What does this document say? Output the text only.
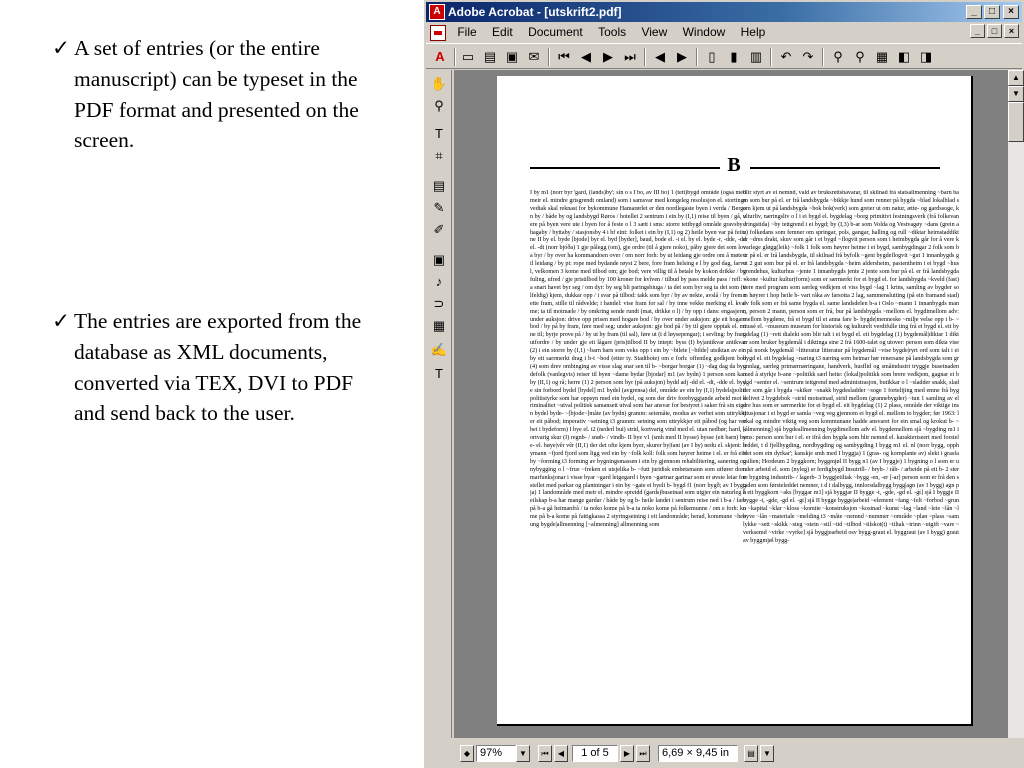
✓ A set of entries (or the entire manuscript) can be typeset in the PDF format and presented on the screen.
✓ The entries are exported from the database as XML documents, converted via TEX, DVI to PDF and send back to the user.
A Adobe Acrobat - [utskrift2.pdf]	_	□	×
File Edit Document Tools View Window Help	_	□	×
A	▭ ▤ ▣ ✉	⏮ ◀ ▶ ⏭	◀ ▶	▯	▮ ▥	↶ ↷	⚲ ⚲ ▦ ◧ ◨
✋
⚲
T
⌗
▤
✎
✐
▣
♪
⊃
▦
✍
T
B
I by m1 (norr byr 'gard, (lands)by'; sin o s I bo, av III bo) 1 (tett)bygd område (også med meir el. mindre grisgrendt omland) som i samsvar med kongeleg resolusjon el. stortingsvedtak skal reknast for bykommune Hamarørlet er den nordlegaste byen i verda / Bergen by / både by og landsbygd Røros / hotellet 2 sentrum i ein by (I,1) reise til byen / gå, vere på byen vere ute i byen for å feste o l 3 sætt i sms: storre tettbygd område gravsby / hagaby / byttaby / stasjonsby 4 i bf eint: folket i ein by (I,1) og 2) heile byen var på feiinne II by el. byde [bjode] byr el. byd [byder], baud, bode el. -i el. by el. byde -r, -dde, -dd el. -dt (norr bjóða) 1 gje pålegg (om), gje ordre (til å gjere noko), påby gjere det som lova byr / by over ha kommandoen over / om norr forh: by ut leidang gje ordre om å møte til leidang / by pt: rope med bydande røyst 2 bere, fore fram helsing e l by god dag, farvel, velkomen 3 kome med tilbod om; gje bod; vere villig til å betale by kokon drikke / by fuling, ufred / gje pristilbod by 100 kroner for kvîven / tilbud by pass melde pass / refl: sa snart havet byr seg / om dyr: by seg bli paringsbiuga / ta det som byr seg ta det som (tilfeldig) kjem, dukkar opp / i svar på tilbod: takk som byr / by av nekte, avslå / by frem rette fram, stille til rådvelde; i handel: vise fram for sal / by inne vekke merking el. kvalme; ta til motmæle / by omkring sende rundt (mat, drikke o l) / by opp i dans: engasjere; under auksjon: drive opp prisen med hogare bod / by over under auksjon: gje eit hogare bod / by på by fram, føre med seg; under auksjon: gje bod på / by til gjere opptak el. mine til; byrje prove på / by ut by fram (til sal), føre ut (t d løysepengar); i sevling: by fram utfordre / by under gje eit lågare (pris)tilbod II by intept: byss (I) by|antikvar antikvar (2) i ein storre by (I,1) ~barn barn som veks opp i ein by ~bilete [~bilde] utsiktan av ein by eit sarrmerkt drag i b-t ~bod (etter ty. Stadtbote) om e forh: offentleg godkjent bod (4) som drev ombinging av visse slag snar sen til b- ~borgar borgar (1) ~dag dag da bygdefolk (vanlegvis) reiser til byen ~dame bydar [bjodar] m1 (av bydn) 1 person som kan by (II,1) og rå; herre (1) 2 person som byr (på auksjon) bydd adj -dd el. -dt, -dde el. byde sin forbord bydel [bydel] m1 bydel (avgrensa) del, område av ein by (I,1) bydels|politi politistyrke som har oppsyn med ein bydel, og som der driv forebyggjande arbeid mot kriminalitet ~utval politisk samansett utval som har ansvar for bestyret i saker frå sin eigen bydel byde- ~[bjode~]måte (av bydn) gramm: seiemåte, modus av verbet som uttrykkjer eit påbod; imperativ ~setning t3 gramm: setning som uttrykkjer eit påbod (og har verbet i bydeform) I bye el. t2 (nederl bui) strid, kortvarig vind med el. utan nedbør; hard, kortvarig skur (I) regnb- / snøb- / vindb- II bye v1 (smh med II bysse) bysse (eit barn) bye- el. bøye|vêr vêr (II,1) der det ofte kjem byer, skurer by|fant (av I by) nedu el. skjent: bymann ~fjord fjord som ligg ved ein by ~folk koll: folk som høyrer heime i el. er frå ein by ~forming t3 forming av bygningsmassen i ein by gjennom rehabilitering, sanering og nybygging o l ~frue ~freken ei utsjelika b- ~futt juridisk embetsmann som utfører dommarfunksjonar i visse byar ~gard leigegard i byen ~gartnar gartnar som er øvste leiar for stellet med parkar og plantningar i ein by ~gate ei byeli b- bygd f1 (norr bygð; av I byggja) 1 landområde med meir el. mindre spreidd (gards)busetnad som utgjer ein naturleg heilskap b-a har mange gardar / både by og b- heile landet i sentrum reise ned i b-a / fare på b-a gå heimanfrå / ta noko kome på b-a ta noko kome på folkemunne / om e forh: kome på b-a kome på fattigkassa 2 styringseining i eit landområde; herad, kommune ~hebung bygde|allmenning [~almenning] allmenning som
blir styrt av ei nemnd, vald av bruksrettshavarar, til skilnad frå statsallmenning ~barn barn som bur på el. er frå landsbygda ~bikkje hund som renner på bygda ~blad lokalblad som kjem ut på landsbygda ~bok bok(verk) som greier ut om natur, ætte- og gardssoge, kulturliv, næringsliv o l i ei bygd el. bygdelag ~borg primitivt festningsverk (frå folkevandringstida) ~by tettgrend i ei bygd; by (I,3) b-ar som Volda og Vestvagøy ~dans (grein av) folkedans som femner om springar, pols, gangar, halling og rull ~diktar heimstaddiktar ~dres drakt, skuv som går i ei bygd ~flogvit person som i heimbygda går for å vere kvarlege gløgg(leik) ~folk 1 folk som høyrer heime i ei bygd, sambygdingar 2 folk som bur på el. er frå landsbygda, til skilnad frå byfolk ~geni bygdeflogvit ~gut 1 innanbygds gut 2 gut som bur på el. er frå landsbygda ~heim aldersheim, pasientheim i ei bygd ~hus grendehus, kulturhus ~jente 1 innanbygds jente 2 jente som bur på el. er frå landsbygda ~kone ~kultur kultur(form) som er særmerkt for ei bygd el. for landsbygda ~kveld (fast)vere med program som særleg vedkjem ei viss bygd ~lag 1 krins, samling av bygder som høyrer i hop heile b- vart råka av farsotta 2 lag, sammenslutting (på ein framand stad) av folk som er frå same bygda el. same landsdelen b-a i Oslo ~mann 1 innanbygds mann, person 2 mann, person som er frå, bur på landsbygda ~mellom el. bygdimellom adv: mellom bygdene, frå ei bygd til ei anna fare b- bygde|menneske ~milje velse opp i b- ~musé el. ~museum museum for historisk og kulturelt verdifulle ting frå ei bygd el. eit bygdelag (1) ~rett dialekt som blir talt i ei bygd el. eit bygdelag (1) bygdemål|diktar 1 diktar som bruker bygdemål i diktinga sine 2 frå 1600-talet og utover: person som dikta viser på norsk bygdemål ~litteratur litteratur på bygdemål ~vise bygde|ryrt ord som talt i ei bygd el. eit bygdelag ~naring t3 næring som heimar hør renersane på landsbygda som grunnlag, særleg primærnæringane, handverk, husflid og småindustri tryggje busetnaden med å styrkje b-ane ~politikk særl heite: (lokal)politikk som brere vedkjem, gagnar ei bygd ~senter el. ~sentrum tettgrend med administrasjon, butikkar o l ~sladder snakk, sladder som går i bygda ~skiker ~snakk bygdesladder ~soge 1 fortelijing med emne frå bygdelivet 2 bygdebok ~strid motsetnad, strid mellom (grannebygder) ~tun 1 samling av eldre hus som er særmerkte for ei bygd el. eit bygdelag (1) 2 plass, område der viktige institusjonar i ei bygd er samla ~veg veg gjennom ei bygd el. mellom to bygder; før 1963: lokal og mindre viktig veg som kommunane hadde ansvaret for ein smal og krokut b- ~[ålmenning] sjå bygdeallmenning bygdimellom adv el. bygdemellom sjå ~bygding m1 i sms: person som bur i el. er ifrå den bygda som blir nemnd el. karakteriseert med forstelleddet, t d fjellbygding, nordbygding og sambygding I bygg m1 el. nl (norr bygg, opph 'det som ein dyrkar'; kanskje smh med I byggja) 1 (gras- og kornplante av) slekt i grasfamilien; Hordeum 2 byggkorn; byggmjøl II bygg n1 (av I byggje) 1 bygning o l som er under arbeid el. som (nyleg) er ferdigbygd Insutrill- / bryb- / råb- / arbeide på eit b- 2 sterre bygning industrib- / lagerb- 3 byggjetiltak ~bygg -en, -er [-ar] person som er frå den staden som førsteleddet nemner, t d i dalbygg, innlorsdalbygg bygg|agn (av I bygg) agn på eit byggkorn ~aks [byggar m1] sjå byggjar II bygge -t, -gde, -gd el. -gt] sjå I byggje II bygge -t, -gde, -gd el. -gt] sjå II bygge bygge|arbeid ~element ~fang ~felt ~forbod ~grunn ~kapital ~klar ~kloss ~komite ~konstruksjon ~kostnad ~kunst ~lag ~land ~leie ~lån ~løyve ~lån ~materiale ~melding t3 ~måte ~nemnd ~nummer ~område ~plan ~plass ~samlykke ~sett ~skikk ~steg ~stein ~stil ~tid ~tilbod ~tilskot(t) ~tiltak ~trinn ~utgift ~vare ~verksemd ~virke ~vyrke] sjå byggjearbeid osv bygg-graut el. byggraut (av I bygg) graut av byggmjøl bygg-
▲
▼
◆ 97%	▼	⏮	◀	1 of 5	▶	⏭	6,69 × 9,45 in	▤	▼
